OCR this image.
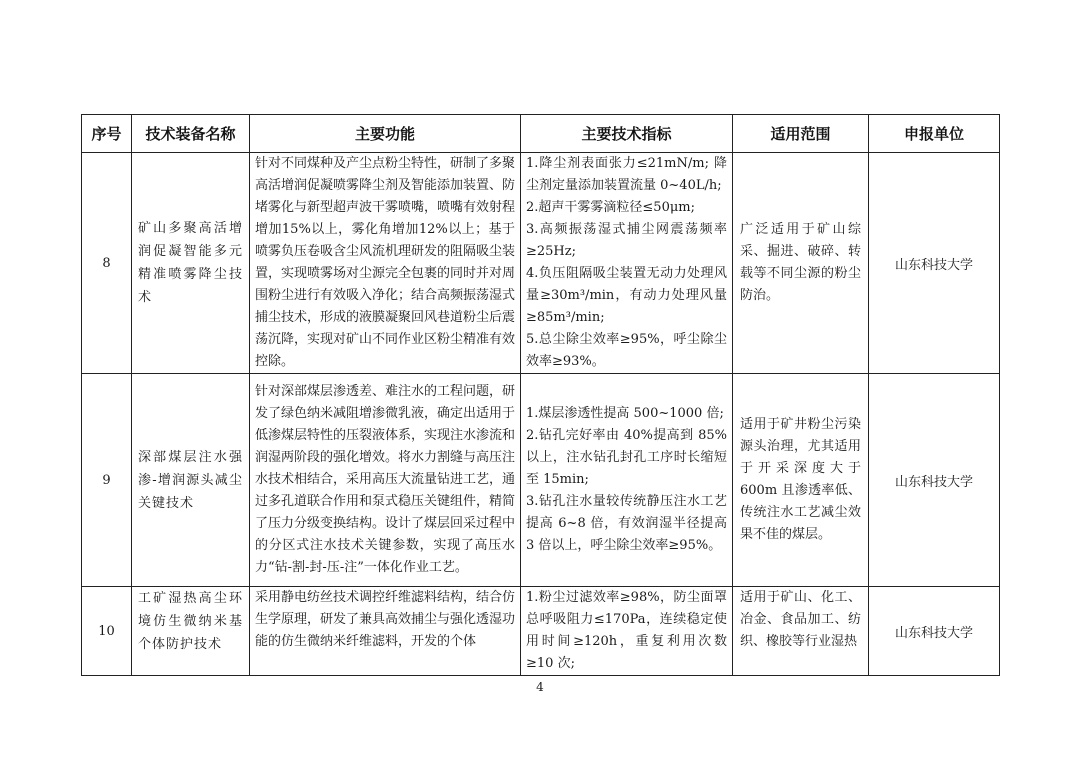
序号	技术装备名称	主要功能	主要技术指标	适用范围	申报单位
8	矿山多聚高活增润促凝智能多元精准喷雾降尘技术	针对不同煤种及产尘点粉尘特性，研制了多聚高活增润促凝喷雾降尘剂及智能添加装置、防堵雾化与新型超声波干雾喷嘴，喷嘴有效射程增加15%以上，雾化角增加12%以上；基于喷雾负压卷吸含尘风流机理研发的阻隔吸尘装置，实现喷雾场对尘源完全包裹的同时并对周围粉尘进行有效吸入净化；结合高频振荡湿式捕尘技术，形成的液膜凝聚回风巷道粉尘后震荡沉降，实现对矿山不同作业区粉尘精准有效控除。	1.降尘剂表面张力≤21mN/m; 降尘剂定量添加装置流量 0~40L/h;
2.超声干雾雾滴粒径≤50μm;
3.高频振荡湿式捕尘网震荡频率≥25Hz;
4.负压阻隔吸尘装置无动力处理风量≥30m³/min，有动力处理风量≥85m³/min;
5.总尘除尘效率≥95%，呼尘除尘效率≥93%。	广泛适用于矿山综采、掘进、破碎、转载等不同尘源的粉尘防治。	山东科技大学
9	深部煤层注水强渗-增润源头减尘关键技术	针对深部煤层渗透差、难注水的工程问题，研发了绿色纳米减阻增渗微乳液，确定出适用于低渗煤层特性的压裂液体系，实现注水渗流和润湿两阶段的强化增效。将水力割缝与高压注水技术相结合，采用高压大流量钻进工艺，通过多孔道联合作用和泵式稳压关键组件，精简了压力分级变换结构。设计了煤层回采过程中的分区式注水技术关键参数，实现了高压水力“钻-割-封-压-注”一体化作业工艺。	1.煤层渗透性提高 500~1000 倍;
2.钻孔完好率由 40%提高到 85%以上，注水钻孔封孔工序时长缩短至 15min;
3.钻孔注水量较传统静压注水工艺提高 6~8 倍，有效润湿半径提高 3 倍以上，呼尘除尘效率≥95%。	适用于矿井粉尘污染源头治理，尤其适用于开采深度大于600m 且渗透率低、传统注水工艺减尘效果不佳的煤层。	山东科技大学
10	工矿湿热高尘环境仿生微纳米基个体防护技术	采用静电纺丝技术调控纤维滤料结构，结合仿生学原理，研发了兼具高效捕尘与强化透湿功能的仿生微纳米纤维滤料，开发的个体	1.粉尘过滤效率≥98%，防尘面罩总呼吸阻力≤170Pa，连续稳定使用时间≥120h，重复利用次数≥10 次;	适用于矿山、化工、冶金、食品加工、纺织、橡胶等行业湿热	山东科技大学
4
